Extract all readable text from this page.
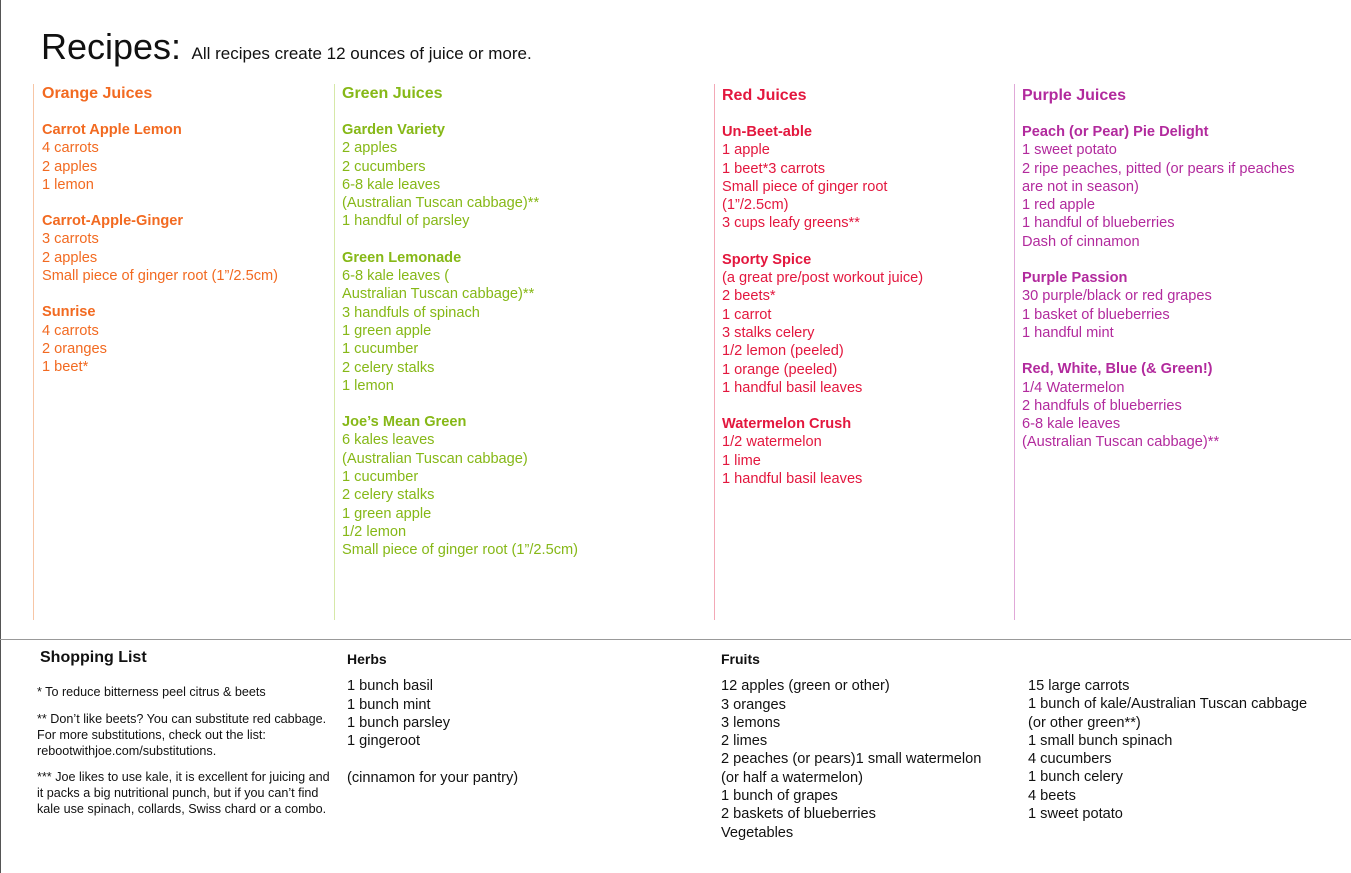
Recipes: All recipes create 12 ounces of juice or more.
Orange Juices
Carrot Apple Lemon
4 carrots
2 apples
1 lemon
Carrot-Apple-Ginger
3 carrots
2 apples
Small piece of ginger root (1”/2.5cm)
Sunrise
4 carrots
2 oranges
1 beet*
Green Juices
Garden Variety
2 apples
2 cucumbers
6-8 kale leaves
(Australian Tuscan cabbage)**
1 handful of parsley
Green Lemonade
6-8 kale leaves (
Australian Tuscan cabbage)**
3 handfuls of spinach
1 green apple
1 cucumber
2 celery stalks
1 lemon
Joe’s Mean Green
6 kales leaves
(Australian Tuscan cabbage)
1 cucumber
2 celery stalks
1 green apple
1/2 lemon
Small piece of ginger root (1”/2.5cm)
Red Juices
Un-Beet-able
1 apple
1 beet*3 carrots
Small piece of ginger root
(1”/2.5cm)
3 cups leafy greens**
Sporty Spice
(a great pre/post workout juice)
2 beets*
1 carrot
3 stalks celery
1/2 lemon (peeled)
1 orange (peeled)
1 handful basil leaves
Watermelon Crush
1/2 watermelon
1 lime
1 handful basil leaves
Purple Juices
Peach (or Pear) Pie Delight
1 sweet potato
2 ripe peaches, pitted (or pears if peaches
are not in season)
1 red apple
1 handful of blueberries
Dash of cinnamon
Purple Passion
30 purple/black or red grapes
1 basket of blueberries
1 handful mint
Red, White, Blue (& Green!)
1/4 Watermelon
2 handfuls of blueberries
6-8 kale leaves
(Australian Tuscan cabbage)**
Shopping List
* To reduce bitterness peel citrus & beets
** Don’t like beets? You can substitute red cabbage. For more substitutions, check out the list: rebootwithjoe.com/substitutions.
*** Joe likes to use kale, it is excellent for juicing and it packs a big nutritional punch, but if you can’t find kale use spinach, collards, Swiss chard or a combo.
Herbs
1 bunch basil
1 bunch mint
1 bunch parsley
1 gingeroot
(cinnamon for your pantry)
Fruits
12 apples (green or other)
3 oranges
3 lemons
2 limes
2 peaches (or pears)1 small watermelon
(or half a watermelon)
1 bunch of grapes
2 baskets of blueberries
Vegetables
15 large carrots
1 bunch of kale/Australian Tuscan cabbage
(or other green**)
1 small bunch spinach
4 cucumbers
1 bunch celery
4 beets
1 sweet potato
